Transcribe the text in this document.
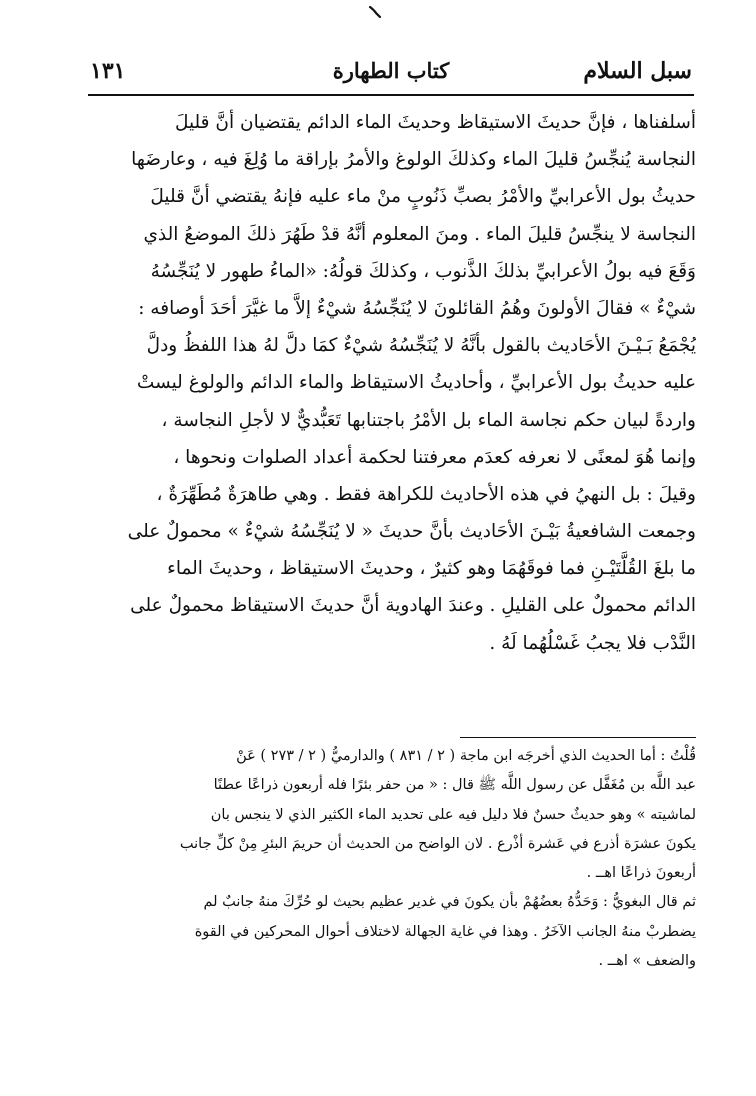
سبل السلام
كتاب الطهارة
١٣١
أسلفناها ، فإنَّ حديثَ الاستيقاظ وحديثَ الماء الدائم يقتضيان أنَّ قليلَ
النجاسة يُنجِّسُ قليلَ الماء وكذلكَ الولوغ والأمرُ بإراقة ما وُلِغَ فيه ، وعارضَها
حديثُ بول الأعرابيِّ والأمْرُ بصبِّ ذَنُوبٍ منْ ماء عليه فإنهُ يقتضي أنَّ قليلَ
النجاسة لا ينجِّسُ قليلَ الماء . ومنَ المعلوم أنَّهُ قدْ طَهُرَ ذلكَ الموضعُ الذي
وَقَعَ فيه بولُ الأعرابيِّ بذلكَ الذَّنوب ، وكذلكَ قولُهُ: «الماءُ طهور لا يُنَجِّسُهُ
شيْءٌ » فقالَ الأولونَ وهُمُ القائلونَ لا يُنَجِّسُهُ شيْءٌ إلاَّ ما غيَّرَ أحَدَ أوصافه :
يُجْمَعُ بَـيْـنَ الأحَاديث بالقول بأنَّهُ لا يُنَجِّسُهُ شيْءٌ كمَا دلَّ لهُ هذا اللفظُ ودلَّ
عليه حديثُ بول الأعرابيِّ ، وأحاديثُ الاستيقاظ والماء الدائم والولوغ ليستْ
واردةً لبيان حكم نجاسة الماء بل الأمْرُ باجتنابها تَعَبُّديٌّ لا لأجلِ النجاسة ،
وإنما هُوَ لمعنًى لا نعرفه كعدَم معرفتنا لحكمة أعداد الصلوات ونحوها ،
وقيلَ : بل النهيُ في هذه الأحاديث للكراهة فقط . وهي طاهرَةٌ مُطَهِّرَةٌ ،
وجمعت الشافعيةُ بَيْـنَ الأحَاديث بأنَّ حديثَ « لا يُنَجِّسُهُ شيْءٌ » محمولٌ على
ما بلغَ القُلَّتَيْـنِ فما فوقَهُمَا وهو كثيرٌ ، وحديثَ الاستيقاظ ، وحديثَ الماء
الدائم محمولٌ على القليلِ . وعندَ الهادوية أنَّ حديثَ الاستيقاظ محمولٌ على
النَّدْب فلا يجبُ غَسْلُهُما لَهُ .
قُلْتُ : أما الحديث الذي أخرجَه ابن ماجة ( ٢ / ٨٣١ ) والدارميُّ ( ٢ / ٢٧٣ ) عَنْ
عبد اللَّه بن مُغَفَّل عن رسول اللَّه ﷺ قال : « من حفر بئرًا فله أربعون ذراعًا عطنًا
لماشيته » وهو حديثٌ حسنٌ فلا دليل فيه على تحديد الماء الكثير الذي لا ينجس بان
يكونَ عشرَة أذرع في عَشرة أذْرع . لان الواضح من الحديث أن حريمَ البئرِ مِنْ كلِّ جانب
أربعونَ ذراعًا اهــ .
ثم قال البغويُّ : وَحَدُّهُ بعضُهُمْ بأن يكونَ في غدير عظيم بحيث لو حُرِّكَ منهُ جانبٌ لم
يضطربْ منهُ الجانب الآخَرُ . وهذا في غاية الجهالة لاختلاف أحوال المحركين في القوة
والضعف » اهــ .
